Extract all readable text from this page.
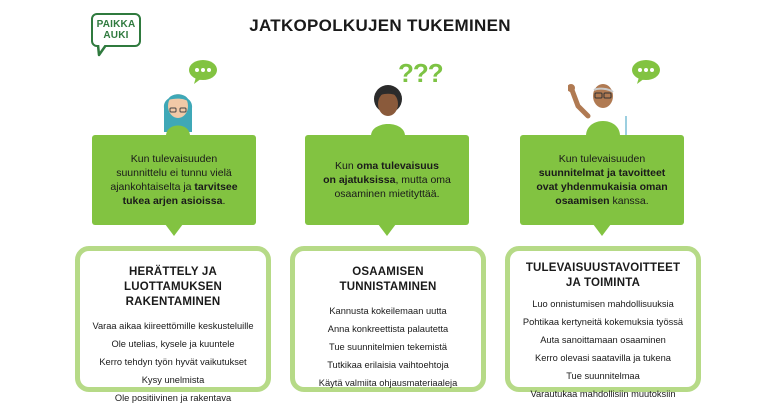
PAIKKA
AUKI
JATKOPOLKUJEN TUKEMINEN
???
Kun tulevaisuuden
suunnittelu ei tunnu vielä
ajankohtaiselta ja tarvitsee
tukea arjen asioissa.
Kun oma tulevaisuus
on ajatuksissa, mutta oma
osaaminen mietityttää.
Kun tulevaisuuden
suunnitelmat ja tavoitteet
ovat yhdenmukaisia oman
osaamisen kanssa.
HERÄTTELY JA
LUOTTAMUKSEN RAKENTAMINEN
Varaa aikaa kiireettömille keskusteluille
Ole utelias, kysele ja kuuntele
Kerro tehdyn työn hyvät vaikutukset
Kysy unelmista
Ole positiivinen ja rakentava
OSAAMISEN
TUNNISTAMINEN
Kannusta kokeilemaan uutta
Anna konkreettista palautetta
Tue suunnitelmien tekemistä
Tutkikaa erilaisia vaihtoehtoja
Käytä valmiita ohjausmateriaaleja
TULEVAISUUSTAVOITTEET
JA TOIMINTA
Luo onnistumisen mahdollisuuksia
Pohtikaa kertyneitä kokemuksia työssä
Auta sanoittamaan osaaminen
Kerro olevasi saatavilla ja tukena
Tue suunnitelmaa
Varautukaa mahdollisiin muutoksiin
